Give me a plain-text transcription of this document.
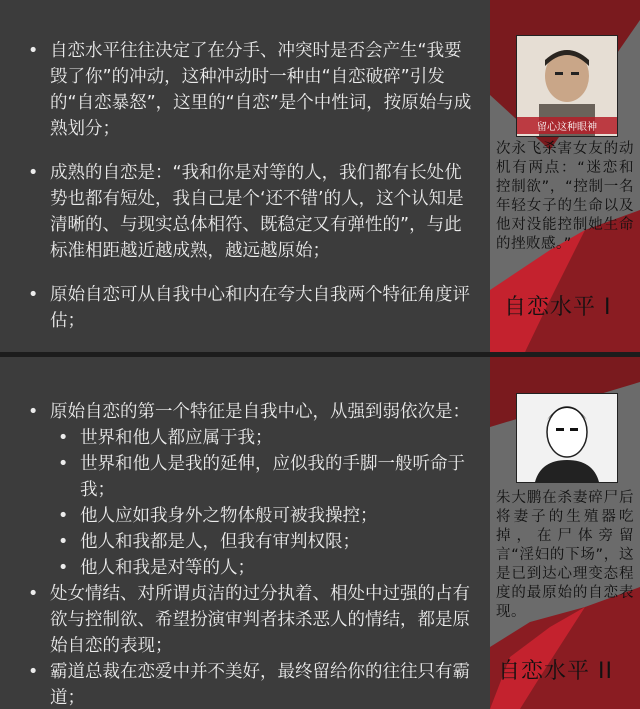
• 自恋水平往往决定了在分手、冲突时是否会产生“我要毁了你”的冲动，这种冲动时一种由“自恋破碎”引发的“自恋暴怒”，这里的“自恋”是个中性词，按原始与成熟划分；
• 成熟的自恋是：“我和你是对等的人，我们都有长处优势也都有短处，我自己是个‘还不错’的人，这个认知是清晰的、与现实总体相符、既稳定又有弹性的”，与此标准相距越近越成熟，越远越原始；
• 原始自恋可从自我中心和内在夸大自我两个特征角度评估；
留心这种眼神
次永飞杀害女友的动机有两点：“迷恋和控制欲”，“控制一名年轻女子的生命以及他对没能控制她生命的挫败感。”
自恋水平 I
• 原始自恋的第一个特征是自我中心，从强到弱依次是：
• 世界和他人都应属于我；
• 世界和他人是我的延伸，应似我的手脚一般听命于我；
• 他人应如我身外之物体般可被我操控；
• 他人和我都是人，但我有审判权限；
• 他人和我是对等的人；
• 处女情结、对所谓贞洁的过分执着、相处中过强的占有欲与控制欲、希望扮演审判者抹杀恶人的情结，都是原始自恋的表现；
• 霸道总裁在恋爱中并不美好，最终留给你的往往只有霸道；
朱大鹏在杀妻碎尸后将妻子的生殖器吃掉，在尸体旁留言“淫妇的下场”，这是已到达心理变态程度的最原始的自恋表现。
自恋水平 II
